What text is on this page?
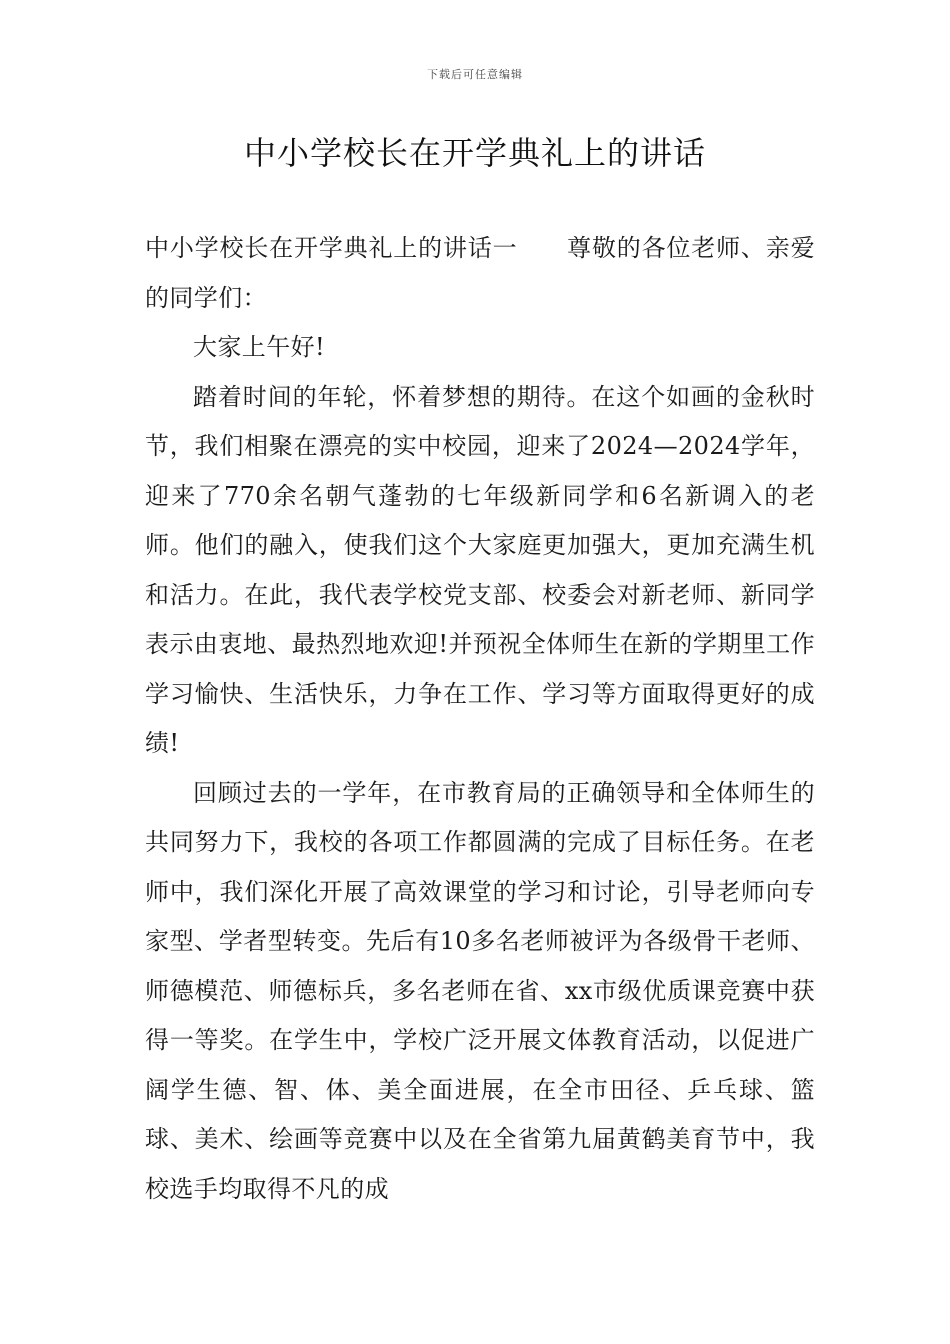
下载后可任意编辑
中小学校长在开学典礼上的讲话

中小学校长在开学典礼上的讲话一　　尊敬的各位老师、亲爱的同学们：

大家上午好!

踏着时间的年轮，怀着梦想的期待。在这个如画的金秋时节，我们相聚在漂亮的实中校园，迎来了2024—2024学年，迎来了770余名朝气蓬勃的七年级新同学和6名新调入的老师。他们的融入，使我们这个大家庭更加强大，更加充满生机和活力。在此，我代表学校党支部、校委会对新老师、新同学表示由衷地、最热烈地欢迎!并预祝全体师生在新的学期里工作学习愉快、生活快乐，力争在工作、学习等方面取得更好的成绩!

回顾过去的一学年，在市教育局的正确领导和全体师生的共同努力下，我校的各项工作都圆满的完成了目标任务。在老师中，我们深化开展了高效课堂的学习和讨论，引导老师向专家型、学者型转变。先后有10多名老师被评为各级骨干老师、师德模范、师德标兵，多名老师在省、xx市级优质课竞赛中获得一等奖。在学生中，学校广泛开展文体教育活动，以促进广阔学生德、智、体、美全面进展，在全市田径、乒乓球、篮球、美术、绘画等竞赛中以及在全省第九届黄鹤美育节中，我校选手均取得不凡的成
